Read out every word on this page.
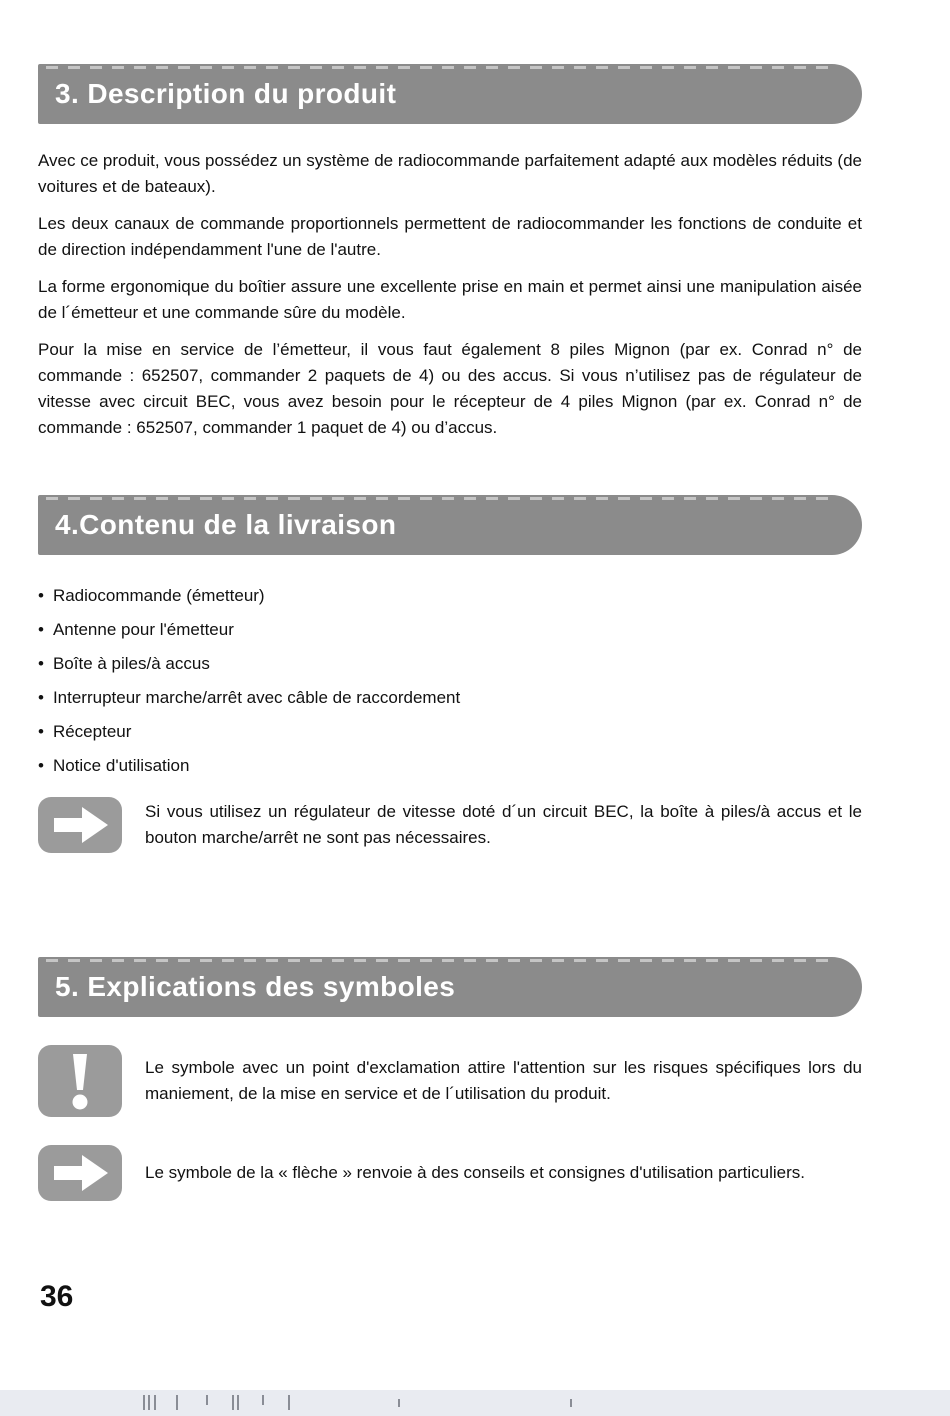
3. Description du produit

Avec ce produit, vous possédez un système de radiocommande parfaitement adapté aux modèles réduits (de voitures et de bateaux).

Les deux canaux de commande proportionnels permettent de radiocommander les fonctions de conduite et de direction indépendamment l'une de l'autre.

La forme ergonomique du boîtier assure une excellente prise en main et permet ainsi une manipulation aisée de l´émetteur et une commande sûre du modèle.

Pour la mise en service de l’émetteur, il vous faut également 8 piles Mignon (par ex. Conrad n° de commande : 652507, commander 2 paquets de 4) ou des accus. Si vous n’utilisez pas de régulateur de vitesse avec circuit BEC, vous avez besoin pour le récepteur de 4 piles Mignon (par ex. Conrad n° de commande : 652507, commander 1 paquet de 4) ou d’accus.

4.Contenu de la livraison
• Radiocommande (émetteur)
• Antenne pour l'émetteur
• Boîte à piles/à accus
• Interrupteur marche/arrêt avec câble de raccordement
• Récepteur
• Notice d'utilisation

Si vous utilisez un régulateur de vitesse doté d´un circuit BEC, la boîte à piles/à accus et le bouton marche/arrêt ne sont pas nécessaires.

5. Explications des symboles

Le symbole avec un point d'exclamation attire l'attention sur les risques spécifiques lors du maniement, de la mise en service et de l´utilisation du produit.

Le symbole de la « flèche » renvoie à des conseils et consignes d'utilisation particuliers.

36
